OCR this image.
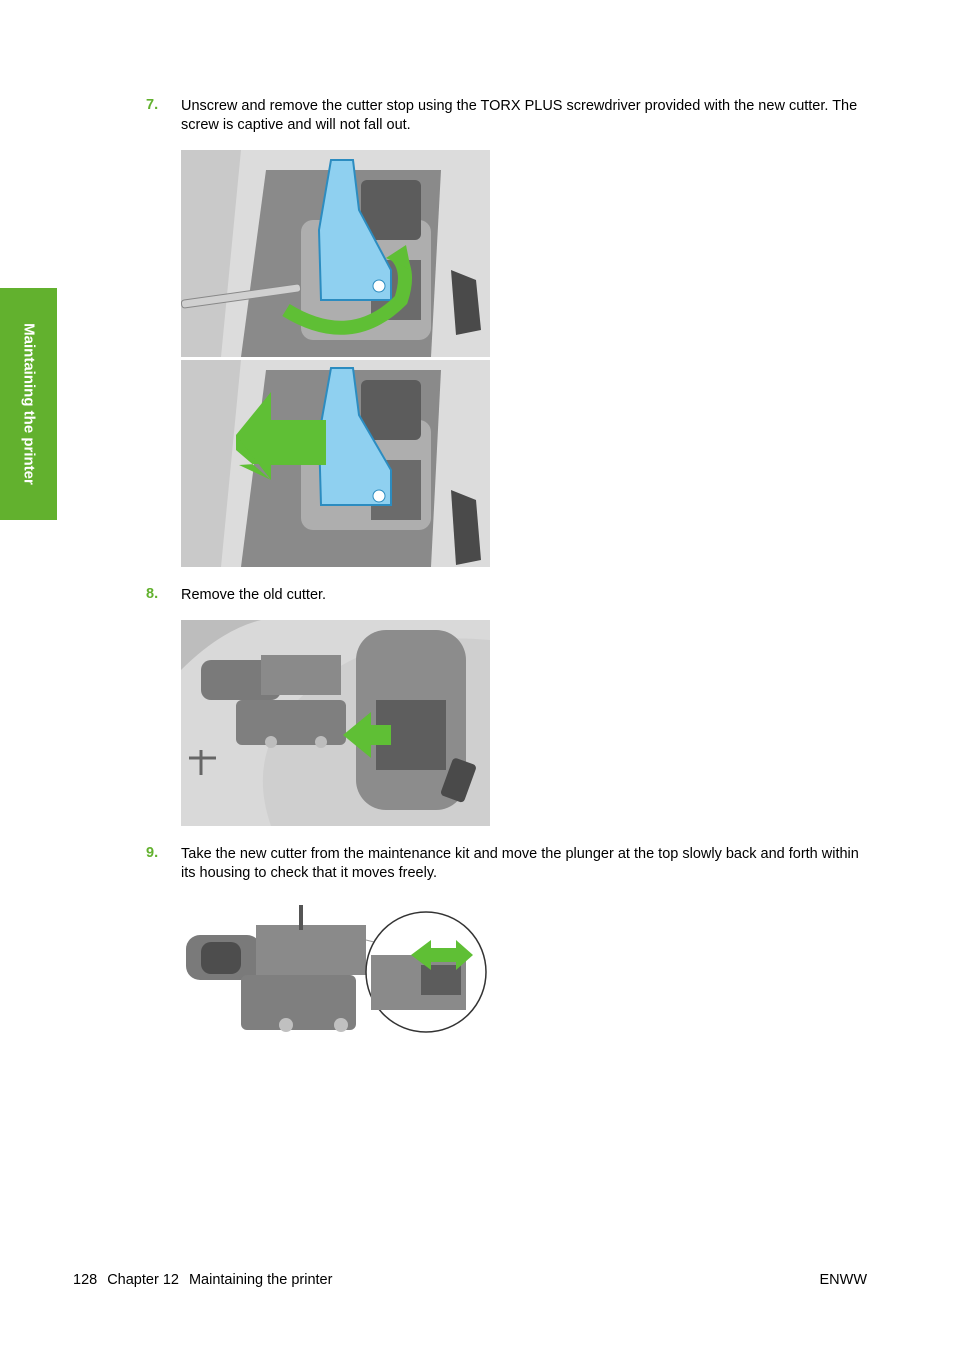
Maintaining the printer
7. Unscrew and remove the cutter stop using the TORX PLUS screwdriver provided with the new cutter. The screw is captive and will not fall out.
8. Remove the old cutter.
9. Take the new cutter from the maintenance kit and move the plunger at the top slowly back and forth within its housing to check that it moves freely.
128 Chapter 12 Maintaining the printer	ENWW
